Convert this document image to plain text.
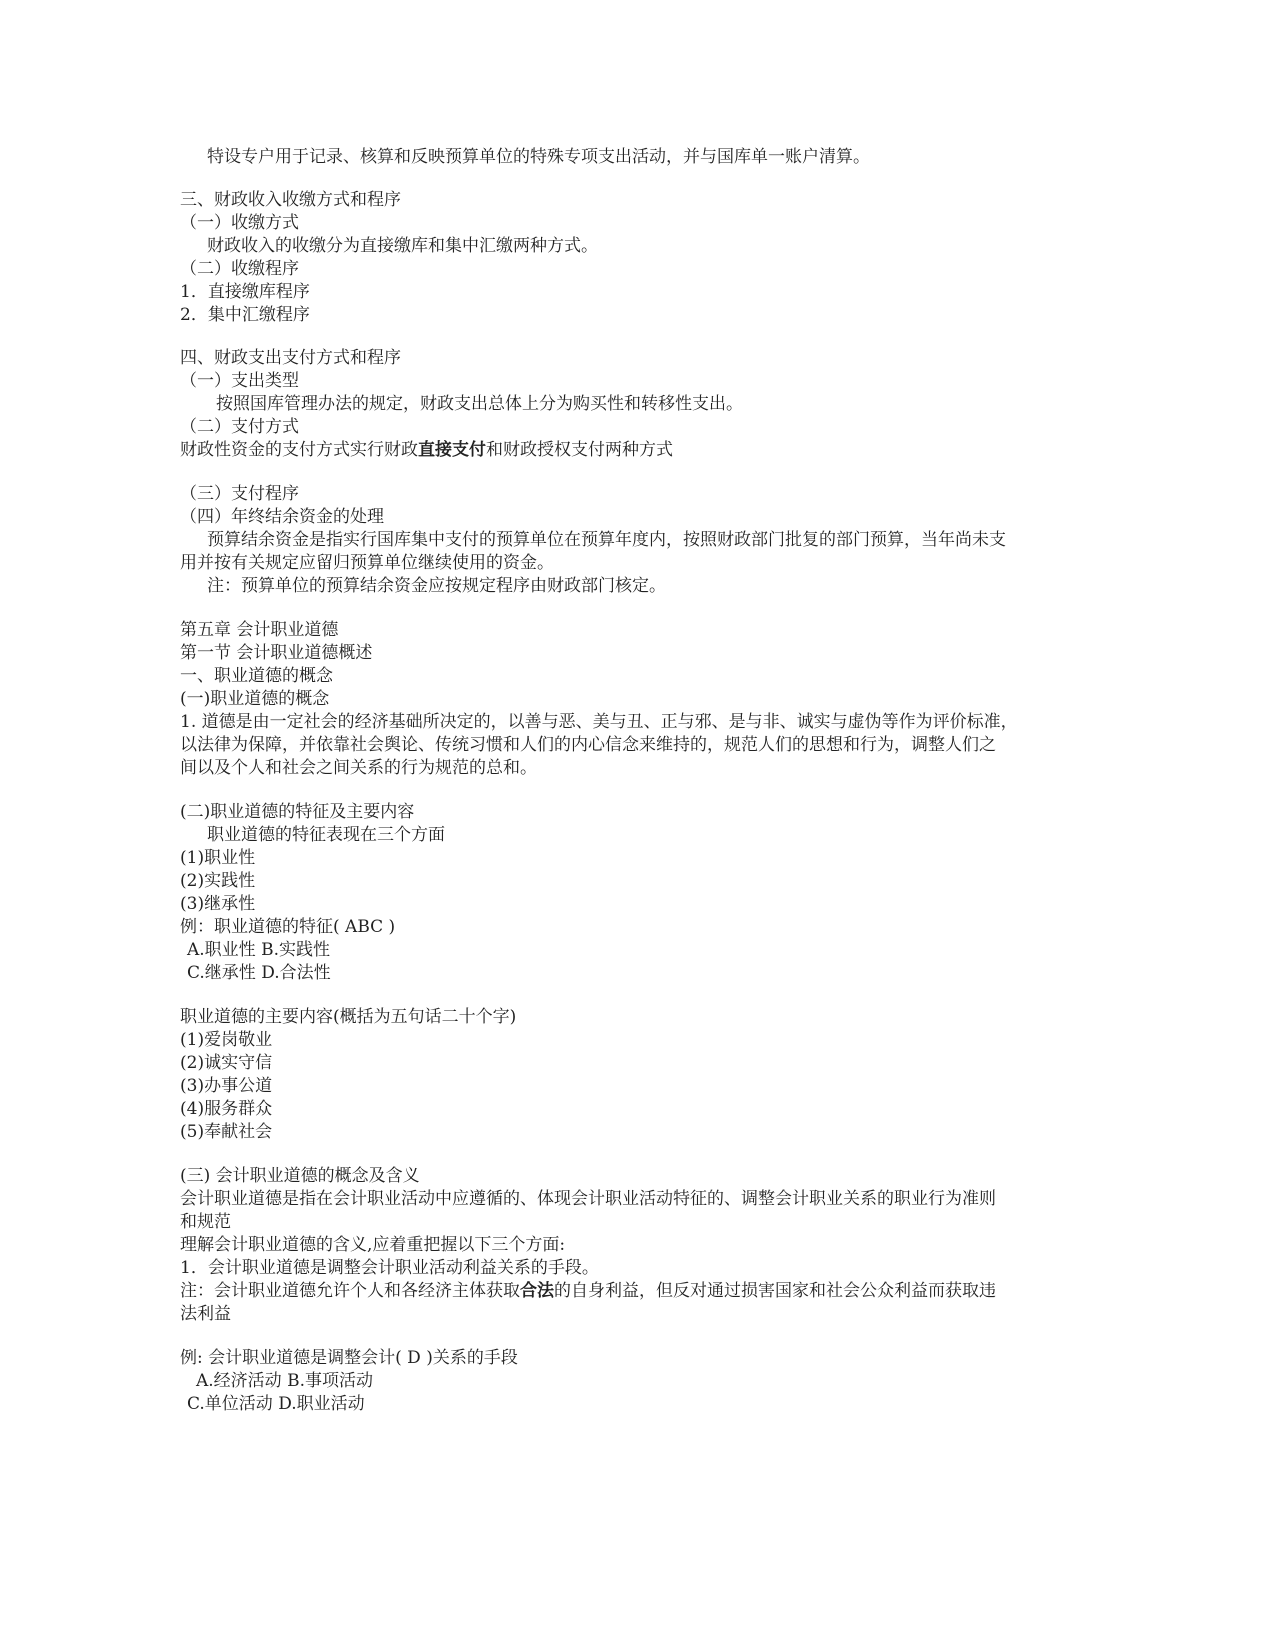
特设专户用于记录、核算和反映预算单位的特殊专项支出活动，并与国库单一账户清算。
三、财政收入收缴方式和程序
（一）收缴方式
财政收入的收缴分为直接缴库和集中汇缴两种方式。
（二）收缴程序
1．直接缴库程序
2．集中汇缴程序
四、财政支出支付方式和程序
（一）支出类型
按照国库管理办法的规定，财政支出总体上分为购买性和转移性支出。
（二）支付方式
财政性资金的支付方式实行财政直接支付和财政授权支付两种方式
（三）支付程序
（四）年终结余资金的处理
预算结余资金是指实行国库集中支付的预算单位在预算年度内，按照财政部门批复的部门预算，当年尚未支
用并按有关规定应留归预算单位继续使用的资金。
注：预算单位的预算结余资金应按规定程序由财政部门核定。
第五章 会计职业道德
第一节 会计职业道德概述
一、职业道德的概念
(一)职业道德的概念
1. 道德是由一定社会的经济基础所决定的，以善与恶、美与丑、正与邪、是与非、诚实与虚伪等作为评价标准，
以法律为保障，并依靠社会舆论、传统习惯和人们的内心信念来维持的，规范人们的思想和行为，调整人们之
间以及个人和社会之间关系的行为规范的总和。
(二)职业道德的特征及主要内容
职业道德的特征表现在三个方面
(1)职业性
(2)实践性
(3)继承性
例：职业道德的特征( ABC )
A.职业性 B.实践性
C.继承性 D.合法性
职业道德的主要内容(概括为五句话二十个字)
(1)爱岗敬业
(2)诚实守信
(3)办事公道
(4)服务群众
(5)奉献社会
(三) 会计职业道德的概念及含义
会计职业道德是指在会计职业活动中应遵循的、体现会计职业活动特征的、调整会计职业关系的职业行为准则
和规范
理解会计职业道德的含义,应着重把握以下三个方面:
1．会计职业道德是调整会计职业活动利益关系的手段。
注：会计职业道德允许个人和各经济主体获取合法的自身利益，但反对通过损害国家和社会公众利益而获取违
法利益
例: 会计职业道德是调整会计( D )关系的手段
A.经济活动 B.事项活动
C.单位活动 D.职业活动
